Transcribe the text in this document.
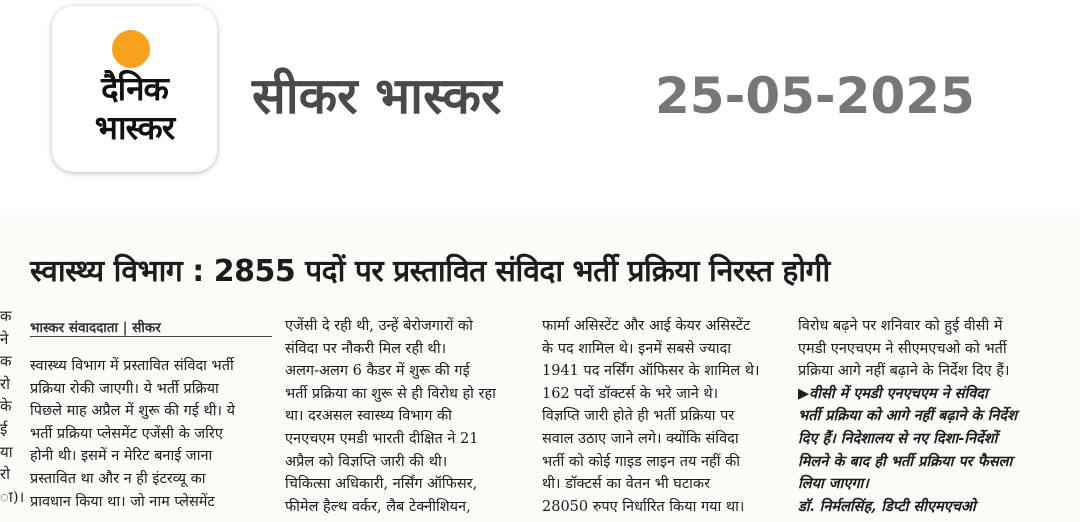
दैनिक
भास्कर
सीकर भास्कर	25-05-2025
क
ने
क
रो
के
ई
या
रो
ा)।
स्वास्थ्य विभाग : 2855 पदों पर प्रस्तावित संविदा भर्ती प्रक्रिया निरस्त होगी
भास्कर संवाददाता | सीकर
स्वास्थ्य विभाग में प्रस्तावित संविदा भर्ती
प्रक्रिया रोकी जाएगी। ये भर्ती प्रक्रिया
पिछले माह अप्रैल में शुरू की गई थी। ये
भर्ती प्रक्रिया प्लेसमेंट एजेंसी के जरिए
होनी थी। इसमें न मेरिट बनाई जाना
प्रस्तावित था और न ही इंटरव्यू का
प्रावधान किया था। जो नाम प्लेसमेंट
एजेंसी दे रही थी, उन्हें बेरोजगारों को
संविदा पर नौकरी मिल रही थी।
अलग-अलग 6 कैडर में शुरू की गई
भर्ती प्रक्रिया का शुरू से ही विरोध हो रहा
था। दरअसल स्वास्थ्य विभाग की
एनएचएम एमडी भारती दीक्षित ने 21
अप्रैल को विज्ञप्ति जारी की थी।
चिकित्सा अधिकारी, नर्सिंग ऑफिसर,
फीमेल हैल्थ वर्कर, लैब टेक्नीशियन,
फार्मा असिस्टेंट और आई केयर असिस्टेंट
के पद शामिल थे। इनमें सबसे ज्यादा
1941 पद नर्सिंग ऑफिसर के शामिल थे।
162 पदों डॉक्टर्स के भरे जाने थे।
विज्ञप्ति जारी होते ही भर्ती प्रक्रिया पर
सवाल उठाए जाने लगे। क्योंकि संविदा
भर्ती को कोई गाइड लाइन तय नहीं की
थी। डॉक्टर्स का वेतन भी घटाकर
28050 रुपए निर्धारित किया गया था।
विरोध बढ़ने पर शनिवार को हुई वीसी में
एमडी एनएचएम ने सीएमएचओ को भर्ती
प्रक्रिया आगे नहीं बढ़ाने के निर्देश दिए हैं।
▶वीसी में एमडी एनएचएम ने संविदा
भर्ती प्रक्रिया को आगे नहीं बढ़ाने के निर्देश
दिए हैं। निदेशालय से नए दिशा-निर्देशों
मिलने के बाद ही भर्ती प्रक्रिया पर फैसला
लिया जाएगा।
डॉ. निर्मलसिंह, डिप्टी सीएमएचओ
